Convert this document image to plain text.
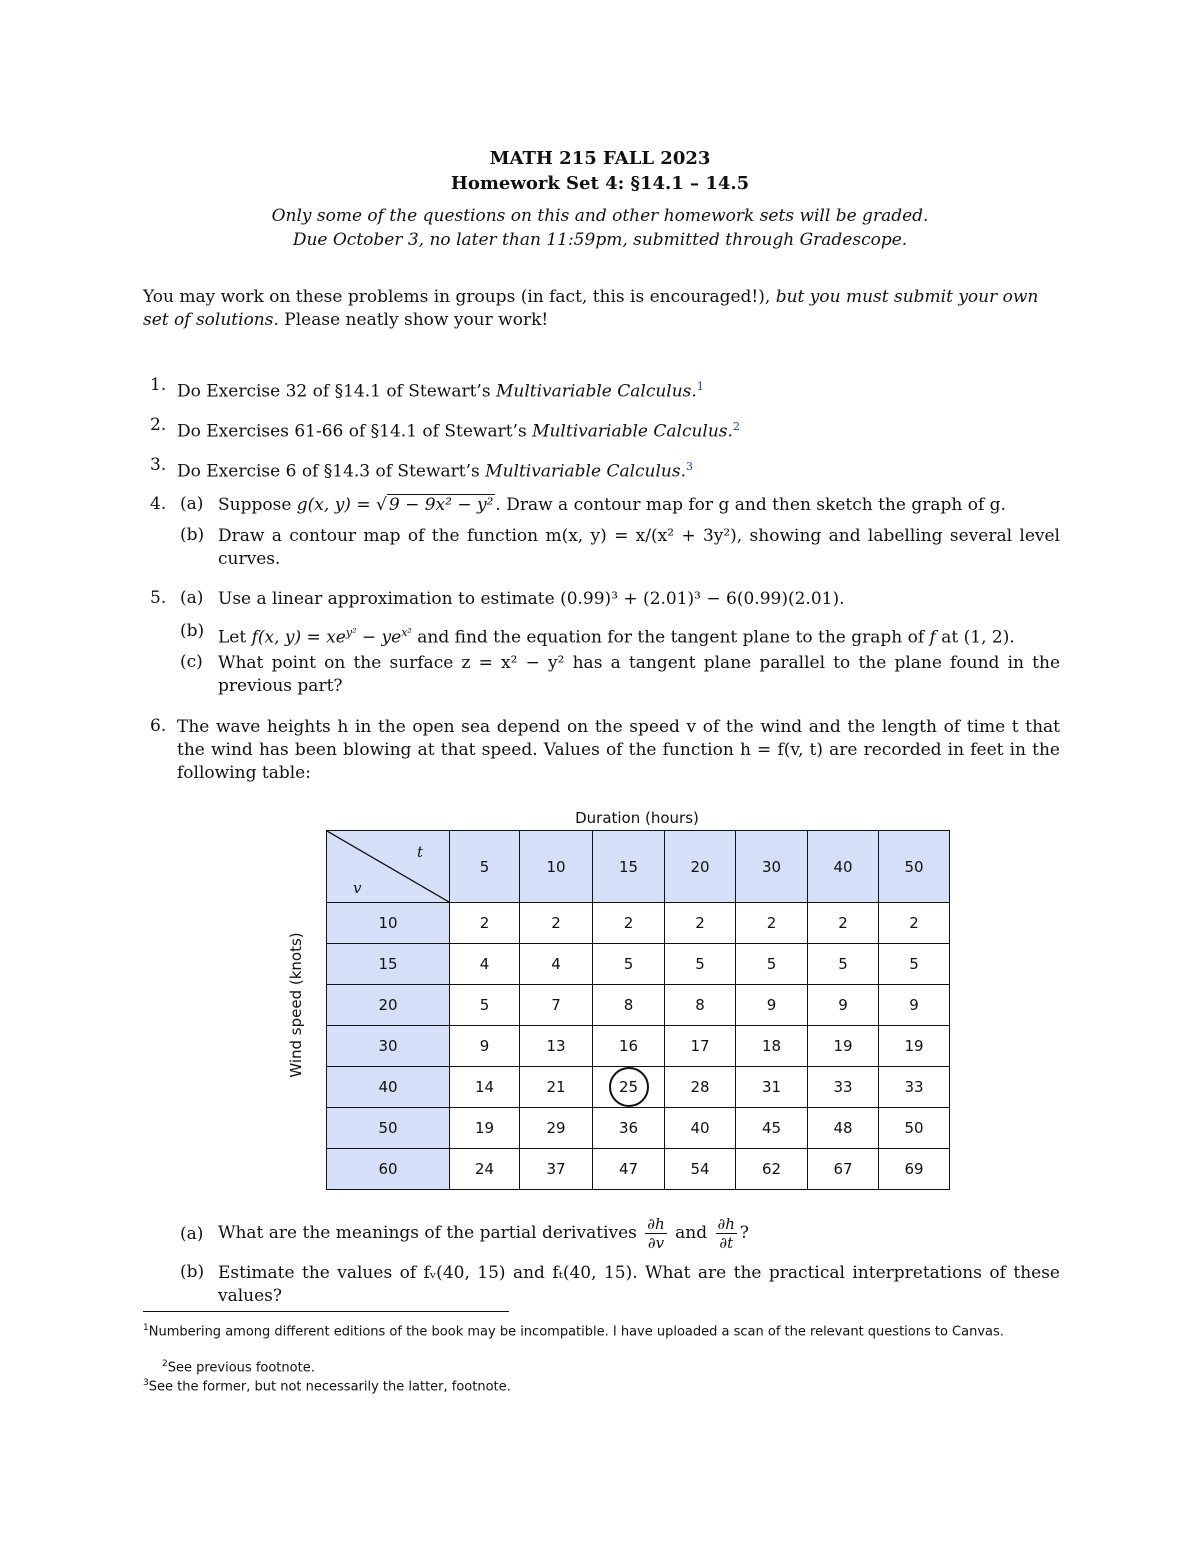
MATH 215 FALL 2023
Homework Set 4: §14.1 – 14.5
Only some of the questions on this and other homework sets will be graded.
Due October 3, no later than 11:59pm, submitted through Gradescope.
You may work on these problems in groups (in fact, this is encouraged!), but you must submit your own set of solutions. Please neatly show your work!
1. Do Exercise 32 of §14.1 of Stewart’s Multivariable Calculus.$^1$
2. Do Exercises 61-66 of §14.1 of Stewart’s Multivariable Calculus.$^2$
3. Do Exercise 6 of §14.3 of Stewart’s Multivariable Calculus.$^3$
4. (a) Suppose g(x, y) = √ 9 − 9x² − y² . Draw a contour map for g and then sketch the graph of g.
(b) Draw a contour map of the function m(x, y) = x/(x² + 3y²), showing and labelling several level curves.
5. (a) Use a linear approximation to estimate (0.99)³ + (2.01)³ − 6(0.99)(2.01).
(b) Let f(x, $y) = xe^{y^2} - ye^{x^2}$ and find the equation for the tangent plane to the graph of f at (1, 2).
(c) What point on the surface z = x² − y² has a tangent plane parallel to the plane found in the previous part?
6. The wave heights h in the open sea depend on the speed v of the wind and the length of time t that the wind has been blowing at that speed. Values of the function h = f(v, t) are recorded in feet in the following table:
Duration (hours)
Wind speed (knots)
t
v	5	10	15	20	30	40	50
10	2	2	2	2	2	2	2
15	4	4	5	5	5	5	5
20	5	7	8	8	9	9	9
30	9	13	16	17	18	19	19
40	14	21	25	28	31	33	33
50	19	29	36	40	45	48	50
60	24	37	47	54	62	67	69
(a) What are the meanings of the partial derivatives $\frac{\partial h}{\partial v}$ and $\frac{\partial h}{\partial t}$ ?
(b) Estimate the values of fᵥ(40, 15) and fₜ(40, 15). What are the practical interpretations of these values?
$^1$Numbering among different editions of the book may be incompatible. I have uploaded a scan of the relevant questions to Canvas.
$^2$See previous footnote.
$^3$See the former, but not necessarily the latter, footnote.
